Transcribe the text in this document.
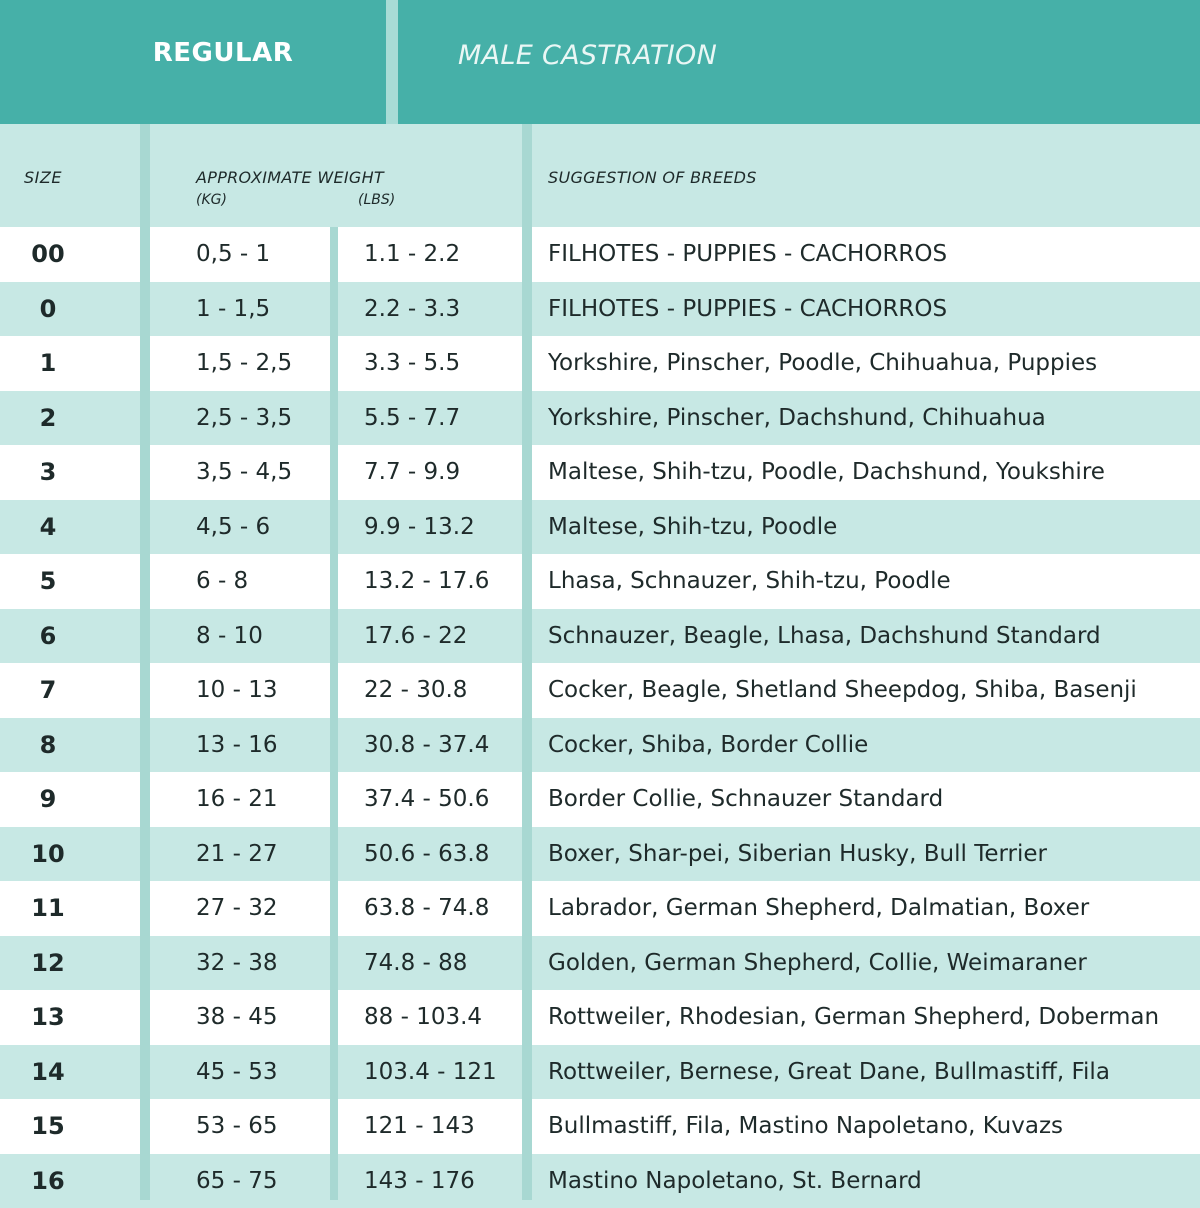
REGULAR	MALE CASTRATION
SIZE	APPROXIMATE WEIGHT
(KG)	(LBS)
SUGGESTION OF BREEDS
00	0,5 - 1	1.1 - 2.2	FILHOTES - PUPPIES - CACHORROS
0	1 - 1,5	2.2 - 3.3	FILHOTES - PUPPIES - CACHORROS
1	1,5 - 2,5	3.3 - 5.5	Yorkshire, Pinscher, Poodle, Chihuahua, Puppies
2	2,5 - 3,5	5.5 - 7.7	Yorkshire, Pinscher, Dachshund, Chihuahua
3	3,5 - 4,5	7.7 - 9.9	Maltese, Shih-tzu, Poodle, Dachshund, Youkshire
4	4,5 - 6	9.9 - 13.2	Maltese, Shih-tzu, Poodle
5	6 - 8	13.2 - 17.6	Lhasa, Schnauzer, Shih-tzu, Poodle
6	8 - 10	17.6 - 22	Schnauzer, Beagle, Lhasa, Dachshund Standard
7	10 - 13	22 - 30.8	Cocker, Beagle, Shetland Sheepdog, Shiba, Basenji
8	13 - 16	30.8 - 37.4	Cocker, Shiba, Border Collie
9	16 - 21	37.4 - 50.6	Border Collie, Schnauzer Standard
10	21 - 27	50.6 - 63.8	Boxer, Shar-pei, Siberian Husky, Bull Terrier
11	27 - 32	63.8 - 74.8	Labrador, German Shepherd, Dalmatian, Boxer
12	32 - 38	74.8 - 88	Golden, German Shepherd, Collie, Weimaraner
13	38 - 45	88 - 103.4	Rottweiler, Rhodesian, German Shepherd, Doberman
14	45 - 53	103.4 - 121 Rottweiler, Bernese, Great Dane, Bullmastiff, Fila
15	53 - 65	121 - 143	Bullmastiff, Fila, Mastino Napoletano, Kuvazs
16	65 - 75	143 - 176	Mastino Napoletano, St. Bernard
